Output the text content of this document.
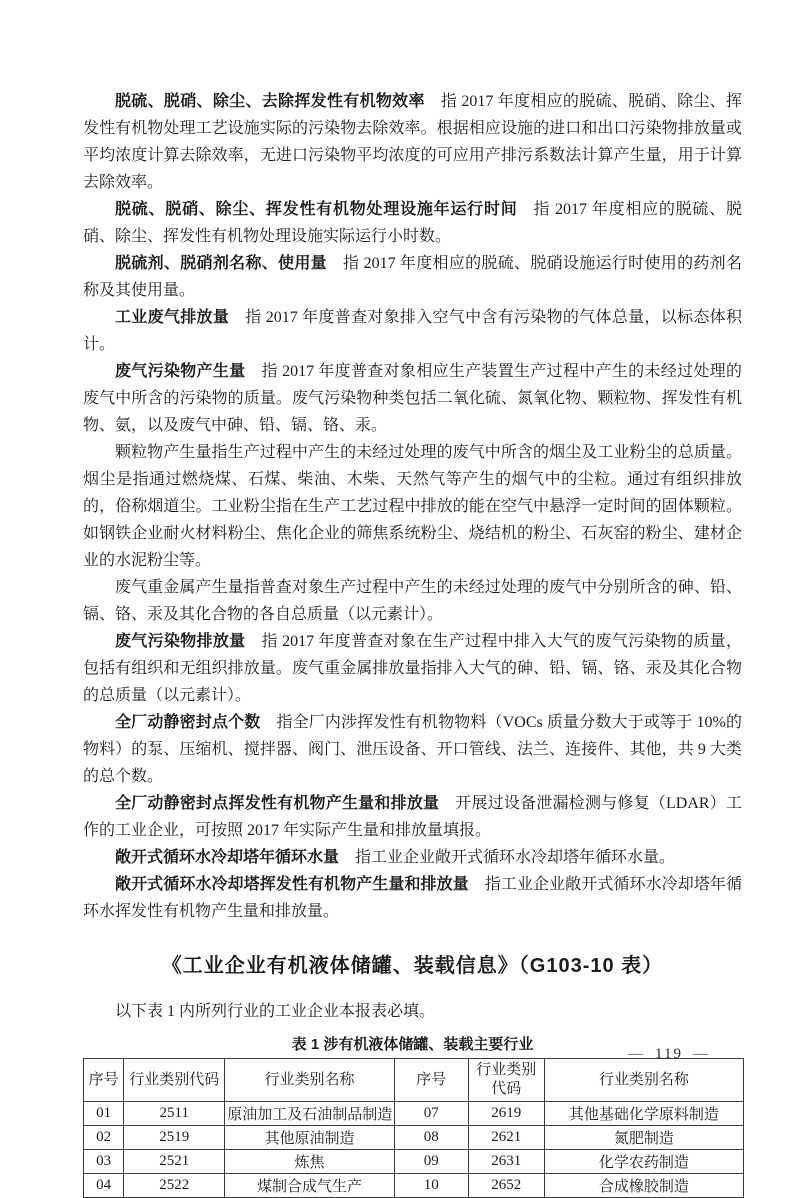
脱硫、脱硝、除尘、去除挥发性有机物效率 指 2017 年度相应的脱硫、脱硝、除尘、挥发性有机物处理工艺设施实际的污染物去除效率。根据相应设施的进口和出口污染物排放量或平均浓度计算去除效率，无进口污染物平均浓度的可应用产排污系数法计算产生量，用于计算去除效率。

脱硫、脱硝、除尘、挥发性有机物处理设施年运行时间 指 2017 年度相应的脱硫、脱硝、除尘、挥发性有机物处理设施实际运行小时数。

脱硫剂、脱硝剂名称、使用量 指 2017 年度相应的脱硫、脱硝设施运行时使用的药剂名称及其使用量。

工业废气排放量 指 2017 年度普查对象排入空气中含有污染物的气体总量，以标态体积计。

废气污染物产生量 指 2017 年度普查对象相应生产装置生产过程中产生的未经过处理的废气中所含的污染物的质量。废气污染物种类包括二氧化硫、氮氧化物、颗粒物、挥发性有机物、氨，以及废气中砷、铅、镉、铬、汞。

颗粒物产生量指生产过程中产生的未经过处理的废气中所含的烟尘及工业粉尘的总质量。烟尘是指通过燃烧煤、石煤、柴油、木柴、天然气等产生的烟气中的尘粒。通过有组织排放的，俗称烟道尘。工业粉尘指在生产工艺过程中排放的能在空气中悬浮一定时间的固体颗粒。如钢铁企业耐火材料粉尘、焦化企业的筛焦系统粉尘、烧结机的粉尘、石灰窑的粉尘、建材企业的水泥粉尘等。

废气重金属产生量指普查对象生产过程中产生的未经过处理的废气中分别所含的砷、铅、镉、铬、汞及其化合物的各自总质量（以元素计）。

废气污染物排放量 指 2017 年度普查对象在生产过程中排入大气的废气污染物的质量，包括有组织和无组织排放量。废气重金属排放量指排入大气的砷、铅、镉、铬、汞及其化合物的总质量（以元素计）。

全厂动静密封点个数 指全厂内涉挥发性有机物物料（VOCs 质量分数大于或等于 10%的物料）的泵、压缩机、搅拌器、阀门、泄压设备、开口管线、法兰、连接件、其他，共 9 大类的总个数。

全厂动静密封点挥发性有机物产生量和排放量 开展过设备泄漏检测与修复（LDAR）工作的工业企业，可按照 2017 年实际产生量和排放量填报。

敞开式循环水冷却塔年循环水量 指工业企业敞开式循环水冷却塔年循环水量。

敞开式循环水冷却塔挥发性有机物产生量和排放量 指工业企业敞开式循环水冷却塔年循环水挥发性有机物产生量和排放量。

《工业企业有机液体储罐、装载信息》（G103-10 表）

以下表 1 内所列行业的工业企业本报表必填。

表 1 涉有机液体储罐、装载主要行业
序号	行业类别代码	行业类别名称	序号	行业类别代码	行业类别名称
01	2511	原油加工及石油制品制造	07	2619	其他基础化学原料制造
02	2519	其他原油制造	08	2621	氮肥制造
03	2521	炼焦	09	2631	化学农药制造
04	2522	煤制合成气生产	10	2652	合成橡胶制造
— 119 —
